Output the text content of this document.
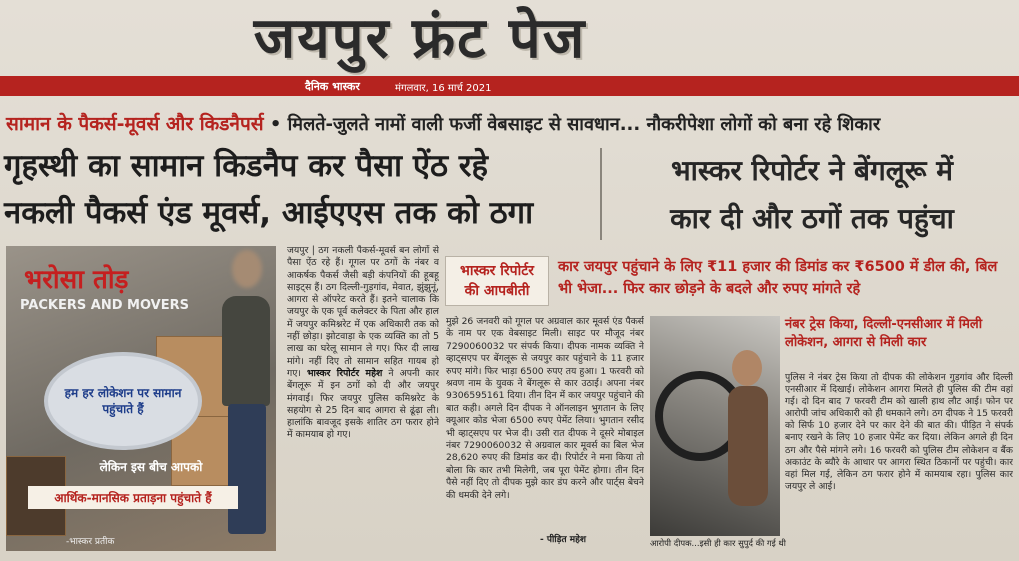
जयपुर फ्रंट पेज
दैनिक भास्कर	मंगलवार, 16 मार्च 2021
सामान के पैकर्स-मूवर्स और किडनैपर्स • मिलते-जुलते नामों वाली फर्जी वेबसाइट से सावधान... नौकरीपेशा लोगों को बना रहे शिकार
गृहस्थी का सामान किडनैप कर पैसा ऐंठ रहे
नकली पैकर्स एंड मूवर्स, आईएएस तक को ठगा
भास्कर रिपोर्टर ने बेंगलूरू में
कार दी और ठगों तक पहुंचा
भरोसा तोड़
PACKERS AND MOVERS
हम हर लोकेशन पर सामान पहुंचाते हैं
लेकिन इस बीच आपको
आर्थिक-मानसिक प्रताड़ना पहुंचाते हैं
-भास्कर प्रतीक
जयपुर | ठग नकली पैकर्स-मूवर्स बन लोगों से पैसा ऐंठ रहे हैं। गूगल पर ठगों के नंबर व आकर्षक पैकर्स जैसी बड़ी कंपनियों की हूबहू साइट्स हैं। ठग दिल्ली-गुड़गांव, मेवात, झुंझुनूं, आगरा से ऑपरेट करते हैं। इतने चालाक कि जयपुर के एक पूर्व कलेक्टर के पिता और हाल में जयपुर कमिश्नरेट में एक अधिकारी तक को नहीं छोड़ा। झोटवाड़ा के एक व्यक्ति का तो 5 लाख का घरेलू सामान ले गए। फिर दी लाख मांगे। नहीं दिए तो सामान सहित गायब हो गए। भास्कर रिपोर्टर महेश ने अपनी कार बेंगलूरू में इन ठगों को दी और जयपुर मंगवाई। फिर जयपुर पुलिस कमिश्नरेट के सहयोग से 25 दिन बाद आगरा से ढूंढ़ा ली। हालांकि बावजूद इसके शातिर ठग फरार होने में कामयाब हो गए।
भास्कर रिपोर्टर
की आपबीती
कार जयपुर पहुंचाने के लिए ₹11 हजार की डिमांड कर ₹6500 में डील की, बिल भी भेजा... फिर कार छोड़ने के बदले और रुपए मांगते रहे
मुझे 26 जनवरी को गूगल पर अग्रवाल कार मूवर्स एंड पैकर्स के नाम पर एक वेबसाइट मिली। साइट पर मौजूद नंबर 7290060032 पर संपर्क किया। दीपक नामक व्यक्ति ने व्हाट्सएप पर बेंगलूरू से जयपुर कार पहुंचाने के 11 हजार रुपए मांगे। फिर भाड़ा 6500 रुपए तय हुआ। 1 फरवरी को श्रवण नाम के युवक ने बेंगलूरू से कार उठाई। अपना नंबर 9306595161 दिया। तीन दिन में कार जयपुर पहुंचाने की बात कही। अगले दिन दीपक ने ऑनलाइन भुगतान के लिए क्यूआर कोड भेजा 6500 रुपए पेमेंट लिया। भुगतान रसीद भी व्हाट्सएप पर भेज दी। उसी रात दीपक ने दूसरे मोबाइल नंबर 7290060032 से अग्रवाल कार मूवर्स का बिल भेज 28,620 रुपए की डिमांड कर दी। रिपोर्टर ने मना किया तो बोला कि कार तभी मिलेगी, जब पूरा पेमेंट होगा। तीन दिन पैसे नहीं दिए तो दीपक मुझे कार डंप करने और पार्ट्स बेचने की धमकी देने लगे।
- पीड़ित महेश	आरोपी दीपक...इसी ही कार सुपुर्द की गई थी
नंबर ट्रेस किया, दिल्ली-एनसीआर में मिली लोकेशन, आगरा से मिली कार
पुलिस ने नंबर ट्रेस किया तो दीपक की लोकेशन गुड़गांव और दिल्ली एनसीआर में दिखाई। लोकेशन आगरा मिलते ही पुलिस की टीम वहां गई। दो दिन बाद 7 फरवरी टीम को खाली हाथ लौट आई। फोन पर आरोपी जांच अधिकारी को ही धमकाने लगे। ठग दीपक ने 15 फरवरी को सिर्फ 10 हजार देने पर कार देने की बात की। पीड़ित ने संपर्क बनाए रखने के लिए 10 हजार पेमेंट कर दिया। लेकिन अगले ही दिन ठग और पैसे मांगने लगे। 16 फरवरी को पुलिस टीम लोकेशन व बैंक अकाउंट के ब्यौरे के आधार पर आगरा स्थित ठिकानों पर पहुंची। कार वहां मिल गई, लेकिन ठग फरार होने में कामयाब रहा। पुलिस कार जयपुर ले आई।
